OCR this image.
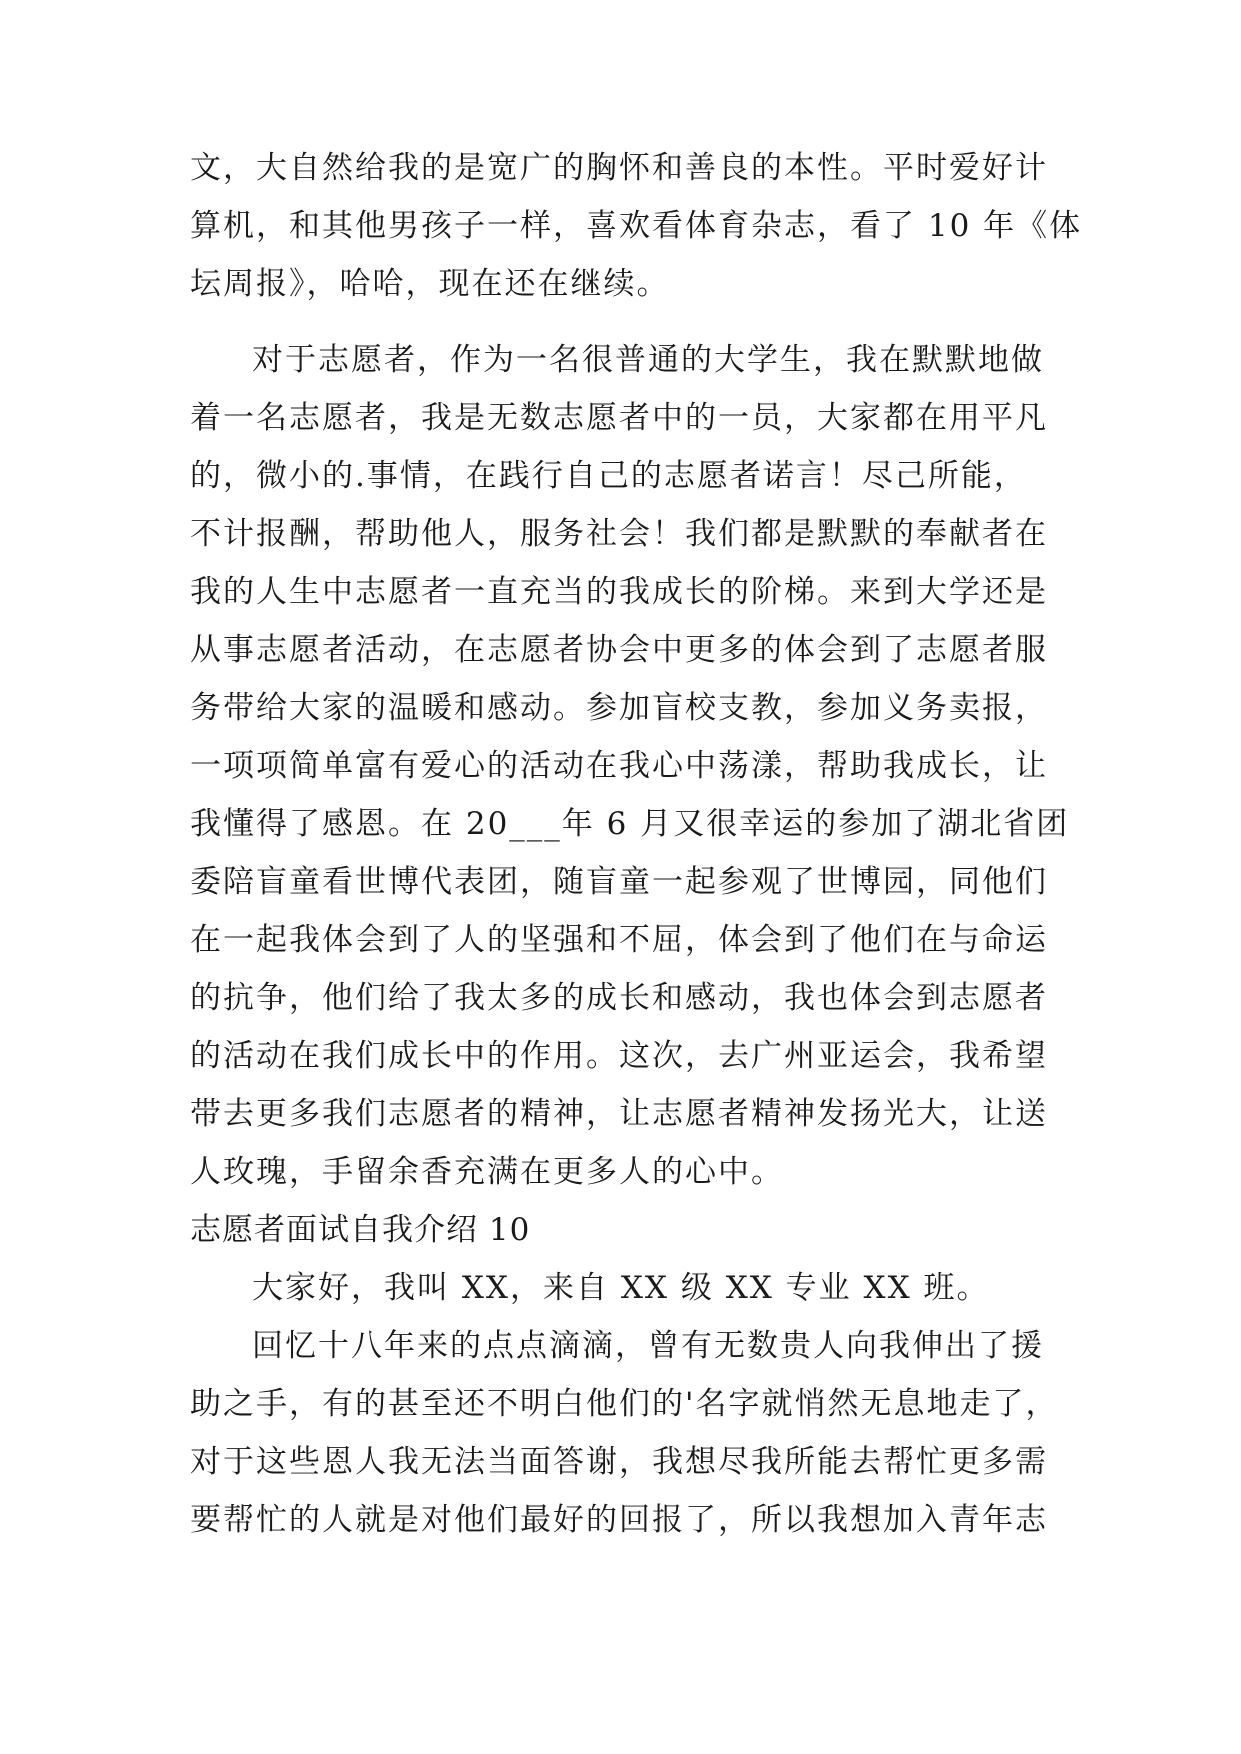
文，大自然给我的是宽广的胸怀和善良的本性。平时爱好计
算机，和其他男孩子一样，喜欢看体育杂志，看了 10 年《体
坛周报》，哈哈，现在还在继续。
对于志愿者，作为一名很普通的大学生，我在默默地做
着一名志愿者，我是无数志愿者中的一员，大家都在用平凡
的，微小的.事情，在践行自己的志愿者诺言！尽己所能，
不计报酬，帮助他人，服务社会！我们都是默默的奉献者在
我的人生中志愿者一直充当的我成长的阶梯。来到大学还是
从事志愿者活动，在志愿者协会中更多的体会到了志愿者服
务带给大家的温暖和感动。参加盲校支教，参加义务卖报，
一项项简单富有爱心的活动在我心中荡漾，帮助我成长，让
我懂得了感恩。在 20___年 6 月又很幸运的参加了湖北省团
委陪盲童看世博代表团，随盲童一起参观了世博园，同他们
在一起我体会到了人的坚强和不屈，体会到了他们在与命运
的抗争，他们给了我太多的成长和感动，我也体会到志愿者
的活动在我们成长中的作用。这次，去广州亚运会，我希望
带去更多我们志愿者的精神，让志愿者精神发扬光大，让送
人玫瑰，手留余香充满在更多人的心中。
志愿者面试自我介绍 10
大家好，我叫 XX，来自 XX 级 XX 专业 XX 班。
回忆十八年来的点点滴滴，曾有无数贵人向我伸出了援
助之手，有的甚至还不明白他们的'名字就悄然无息地走了，
对于这些恩人我无法当面答谢，我想尽我所能去帮忙更多需
要帮忙的人就是对他们最好的回报了，所以我想加入青年志
